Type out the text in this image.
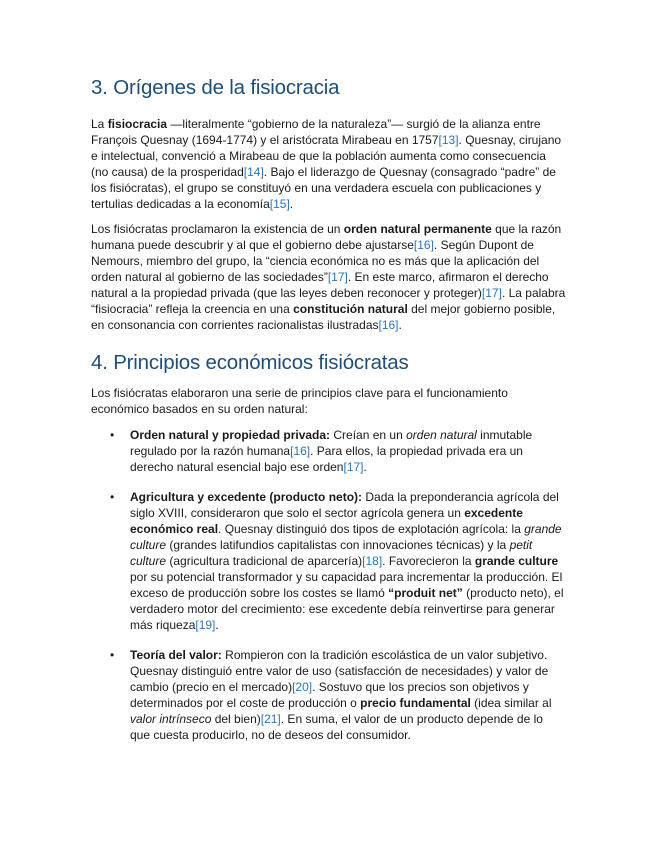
3. Orígenes de la fisiocracia

La fisiocracia —literalmente “gobierno de la naturaleza”— surgió de la alianza entre François Quesnay (1694-1774) y el aristócrata Mirabeau en 1757[13]. Quesnay, cirujano e intelectual, convenció a Mirabeau de que la población aumenta como consecuencia (no causa) de la prosperidad[14]. Bajo el liderazgo de Quesnay (consagrado “padre” de los fisiócratas), el grupo se constituyó en una verdadera escuela con publicaciones y tertulias dedicadas a la economía[15].

Los fisiócratas proclamaron la existencia de un orden natural permanente que la razón humana puede descubrir y al que el gobierno debe ajustarse[16]. Según Dupont de Nemours, miembro del grupo, la “ciencia económica no es más que la aplicación del orden natural al gobierno de las sociedades”[17]. En este marco, afirmaron el derecho natural a la propiedad privada (que las leyes deben reconocer y proteger)[17]. La palabra “fisiocracia” refleja la creencia en una constitución natural del mejor gobierno posible, en consonancia con corrientes racionalistas ilustradas[16].

4. Principios económicos fisiócratas

Los fisiócratas elaboraron una serie de principios clave para el funcionamiento económico basados en su orden natural:

• Orden natural y propiedad privada: Creían en un orden natural inmutable regulado por la razón humana[16]. Para ellos, la propiedad privada era un derecho natural esencial bajo ese orden[17].
• Agricultura y excedente (producto neto): Dada la preponderancia agrícola del siglo XVIII, consideraron que solo el sector agrícola genera un excedente económico real. Quesnay distinguió dos tipos de explotación agrícola: la grande culture (grandes latifundios capitalistas con innovaciones técnicas) y la petit culture (agricultura tradicional de aparcería)[18]. Favorecieron la grande culture por su potencial transformador y su capacidad para incrementar la producción. El exceso de producción sobre los costes se llamó “produit net” (producto neto), el verdadero motor del crecimiento: ese excedente debía reinvertirse para generar más riqueza[19].
• Teoría del valor: Rompieron con la tradición escolástica de un valor subjetivo. Quesnay distinguió entre valor de uso (satisfacción de necesidades) y valor de cambio (precio en el mercado)[20]. Sostuvo que los precios son objetivos y determinados por el coste de producción o precio fundamental (idea similar al valor intrínseco del bien)[21]. En suma, el valor de un producto depende de lo que cuesta producirlo, no de deseos del consumidor.
